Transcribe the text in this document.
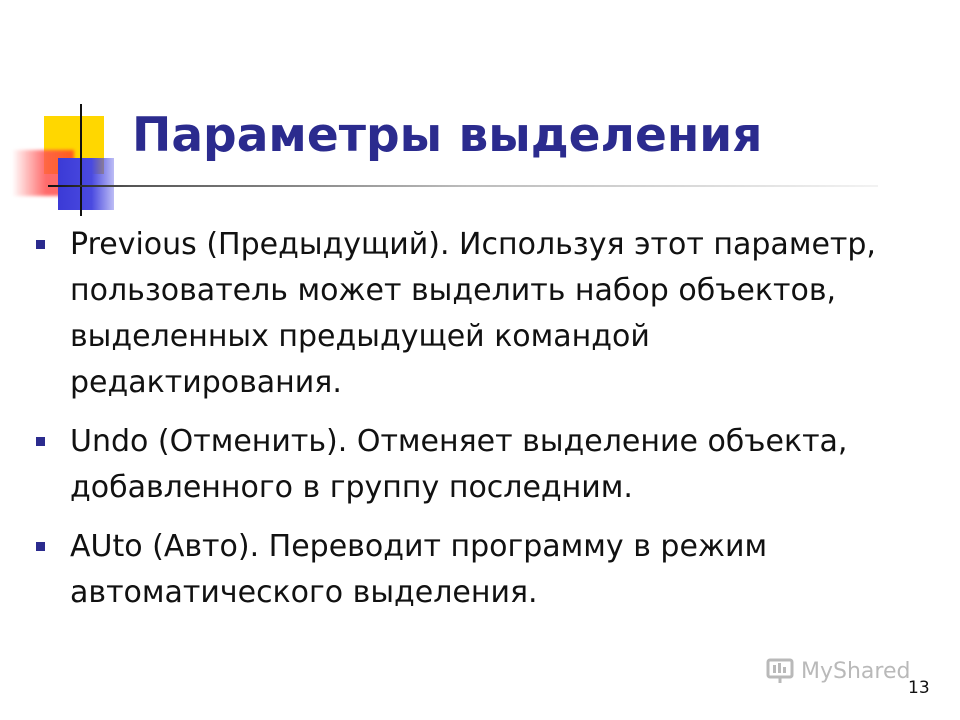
Параметры выделения
Previous (Предыдущий). Используя этот параметр, пользователь может выделить набор объектов, выделенных предыдущей командой редактирования.
Undo (Отменить). Отменяет выделение объекта, добавленного в группу последним.
AUto (Авто). Переводит программу в режим автоматического выделения.
MyShared
13
